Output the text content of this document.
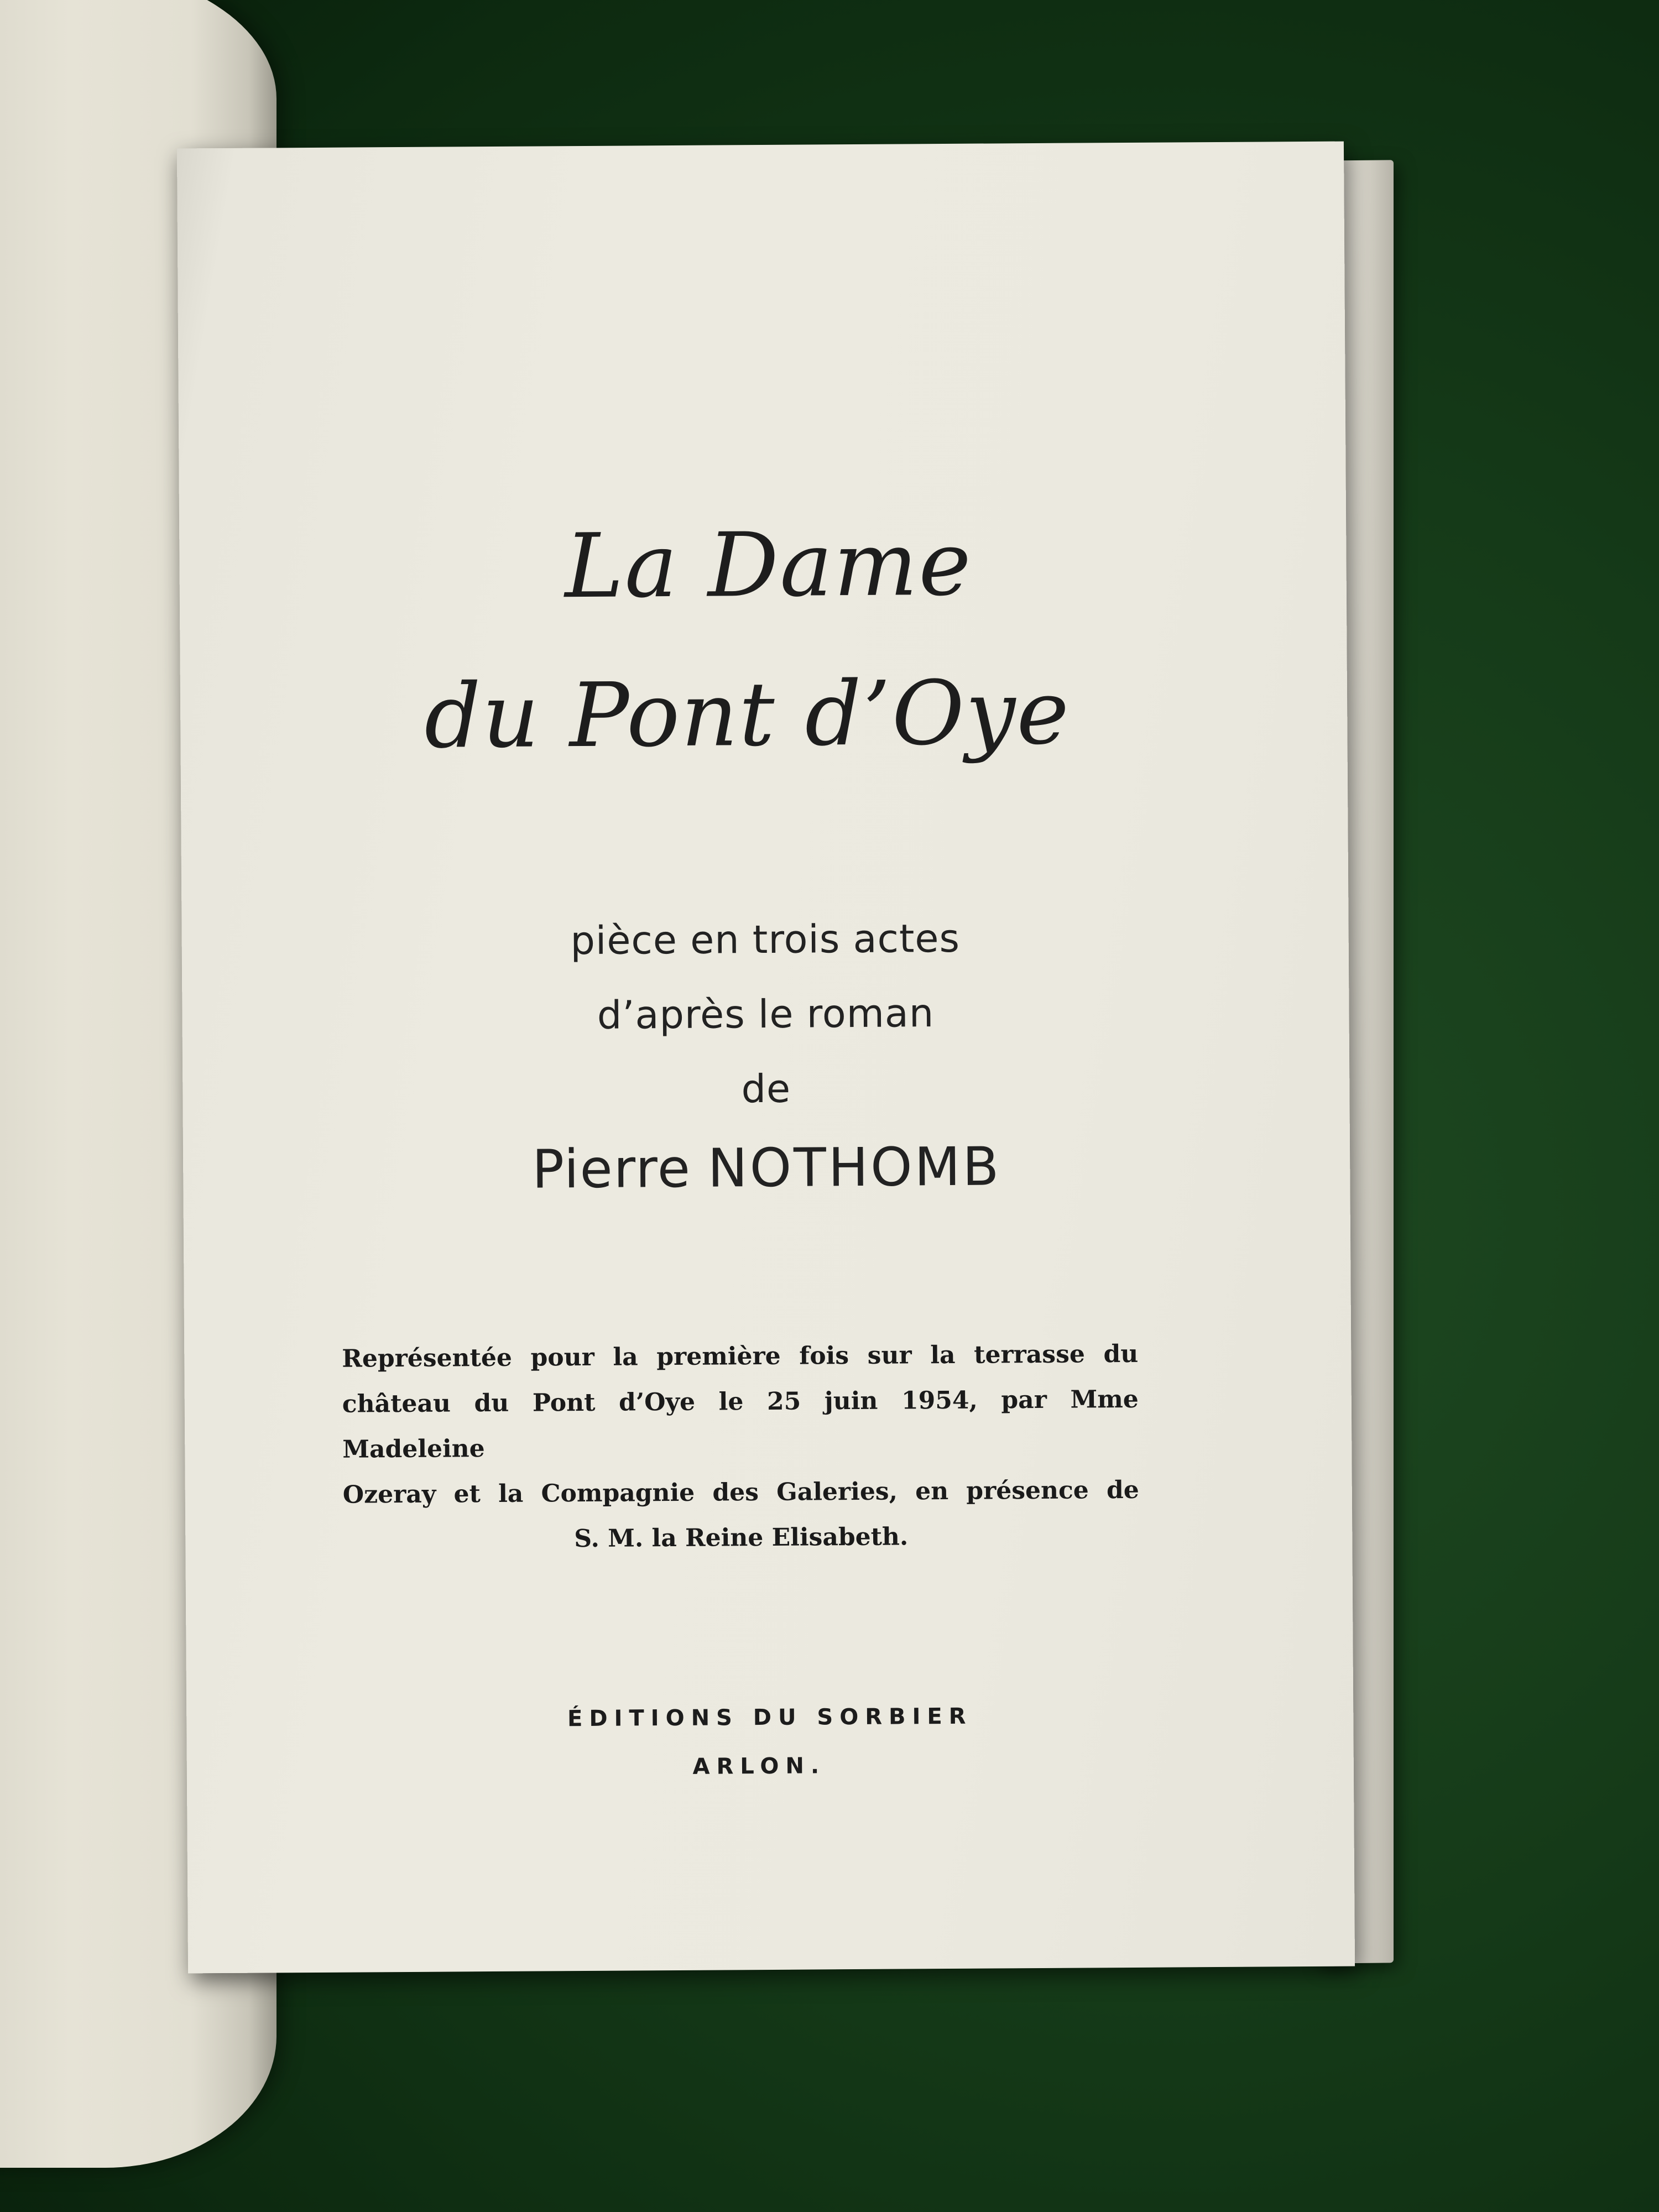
La Dame
du Pont d’Oye
pièce en trois actes
d’après le roman
de
Pierre NOTHOMB
Représentée pour la première fois sur la terrasse du
château du Pont d’Oye le 25 juin 1954, par Mme Madeleine
Ozeray et la Compagnie des Galeries, en présence de
S. M. la Reine Elisabeth.
ÉDITIONS DU SORBIER
ARLON.
